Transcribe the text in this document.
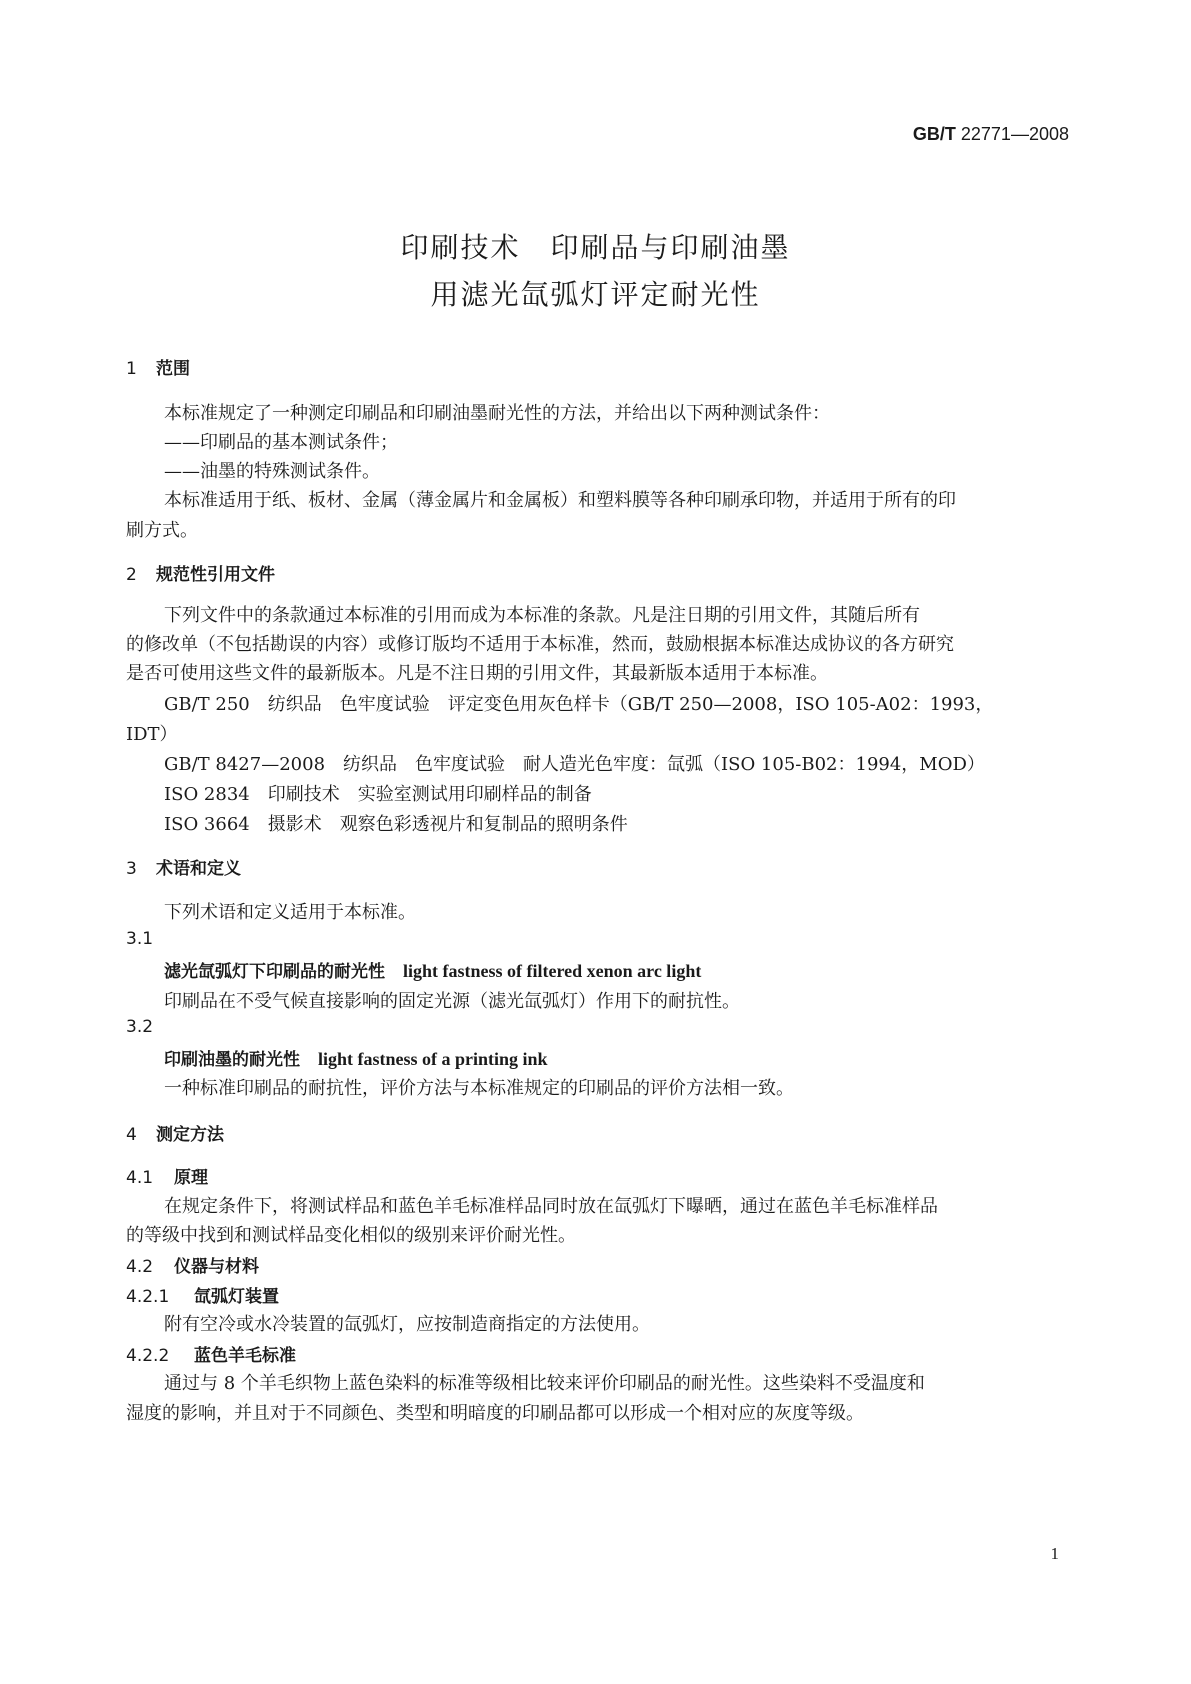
GB/T 22771—2008
印刷技术　印刷品与印刷油墨
用滤光氙弧灯评定耐光性
1 范围
本标准规定了一种测定印刷品和印刷油墨耐光性的方法，并给出以下两种测试条件：
——印刷品的基本测试条件；
——油墨的特殊测试条件。
本标准适用于纸、板材、金属（薄金属片和金属板）和塑料膜等各种印刷承印物，并适用于所有的印
刷方式。
2 规范性引用文件
下列文件中的条款通过本标准的引用而成为本标准的条款。凡是注日期的引用文件，其随后所有
的修改单（不包括勘误的内容）或修订版均不适用于本标准，然而，鼓励根据本标准达成协议的各方研究
是否可使用这些文件的最新版本。凡是不注日期的引用文件，其最新版本适用于本标准。
GB/T 250　纺织品　色牢度试验　评定变色用灰色样卡（GB/T 250—2008，ISO 105-A02：1993，
IDT）
GB/T 8427—2008　纺织品　色牢度试验　耐人造光色牢度：氙弧（ISO 105-B02：1994，MOD）
ISO 2834　印刷技术　实验室测试用印刷样品的制备
ISO 3664　摄影术　观察色彩透视片和复制品的照明条件
3 术语和定义
下列术语和定义适用于本标准。
3.1
滤光氙弧灯下印刷品的耐光性 light fastness of filtered xenon arc light
印刷品在不受气候直接影响的固定光源（滤光氙弧灯）作用下的耐抗性。
3.2
印刷油墨的耐光性 light fastness of a printing ink
一种标准印刷品的耐抗性，评价方法与本标准规定的印刷品的评价方法相一致。
4 测定方法
4.1 原理
在规定条件下，将测试样品和蓝色羊毛标准样品同时放在氙弧灯下曝晒，通过在蓝色羊毛标准样品
的等级中找到和测试样品变化相似的级别来评价耐光性。
4.2 仪器与材料
4.2.1 氙弧灯装置
附有空冷或水冷装置的氙弧灯，应按制造商指定的方法使用。
4.2.2 蓝色羊毛标准
通过与 8 个羊毛织物上蓝色染料的标准等级相比较来评价印刷品的耐光性。这些染料不受温度和
湿度的影响，并且对于不同颜色、类型和明暗度的印刷品都可以形成一个相对应的灰度等级。
1
